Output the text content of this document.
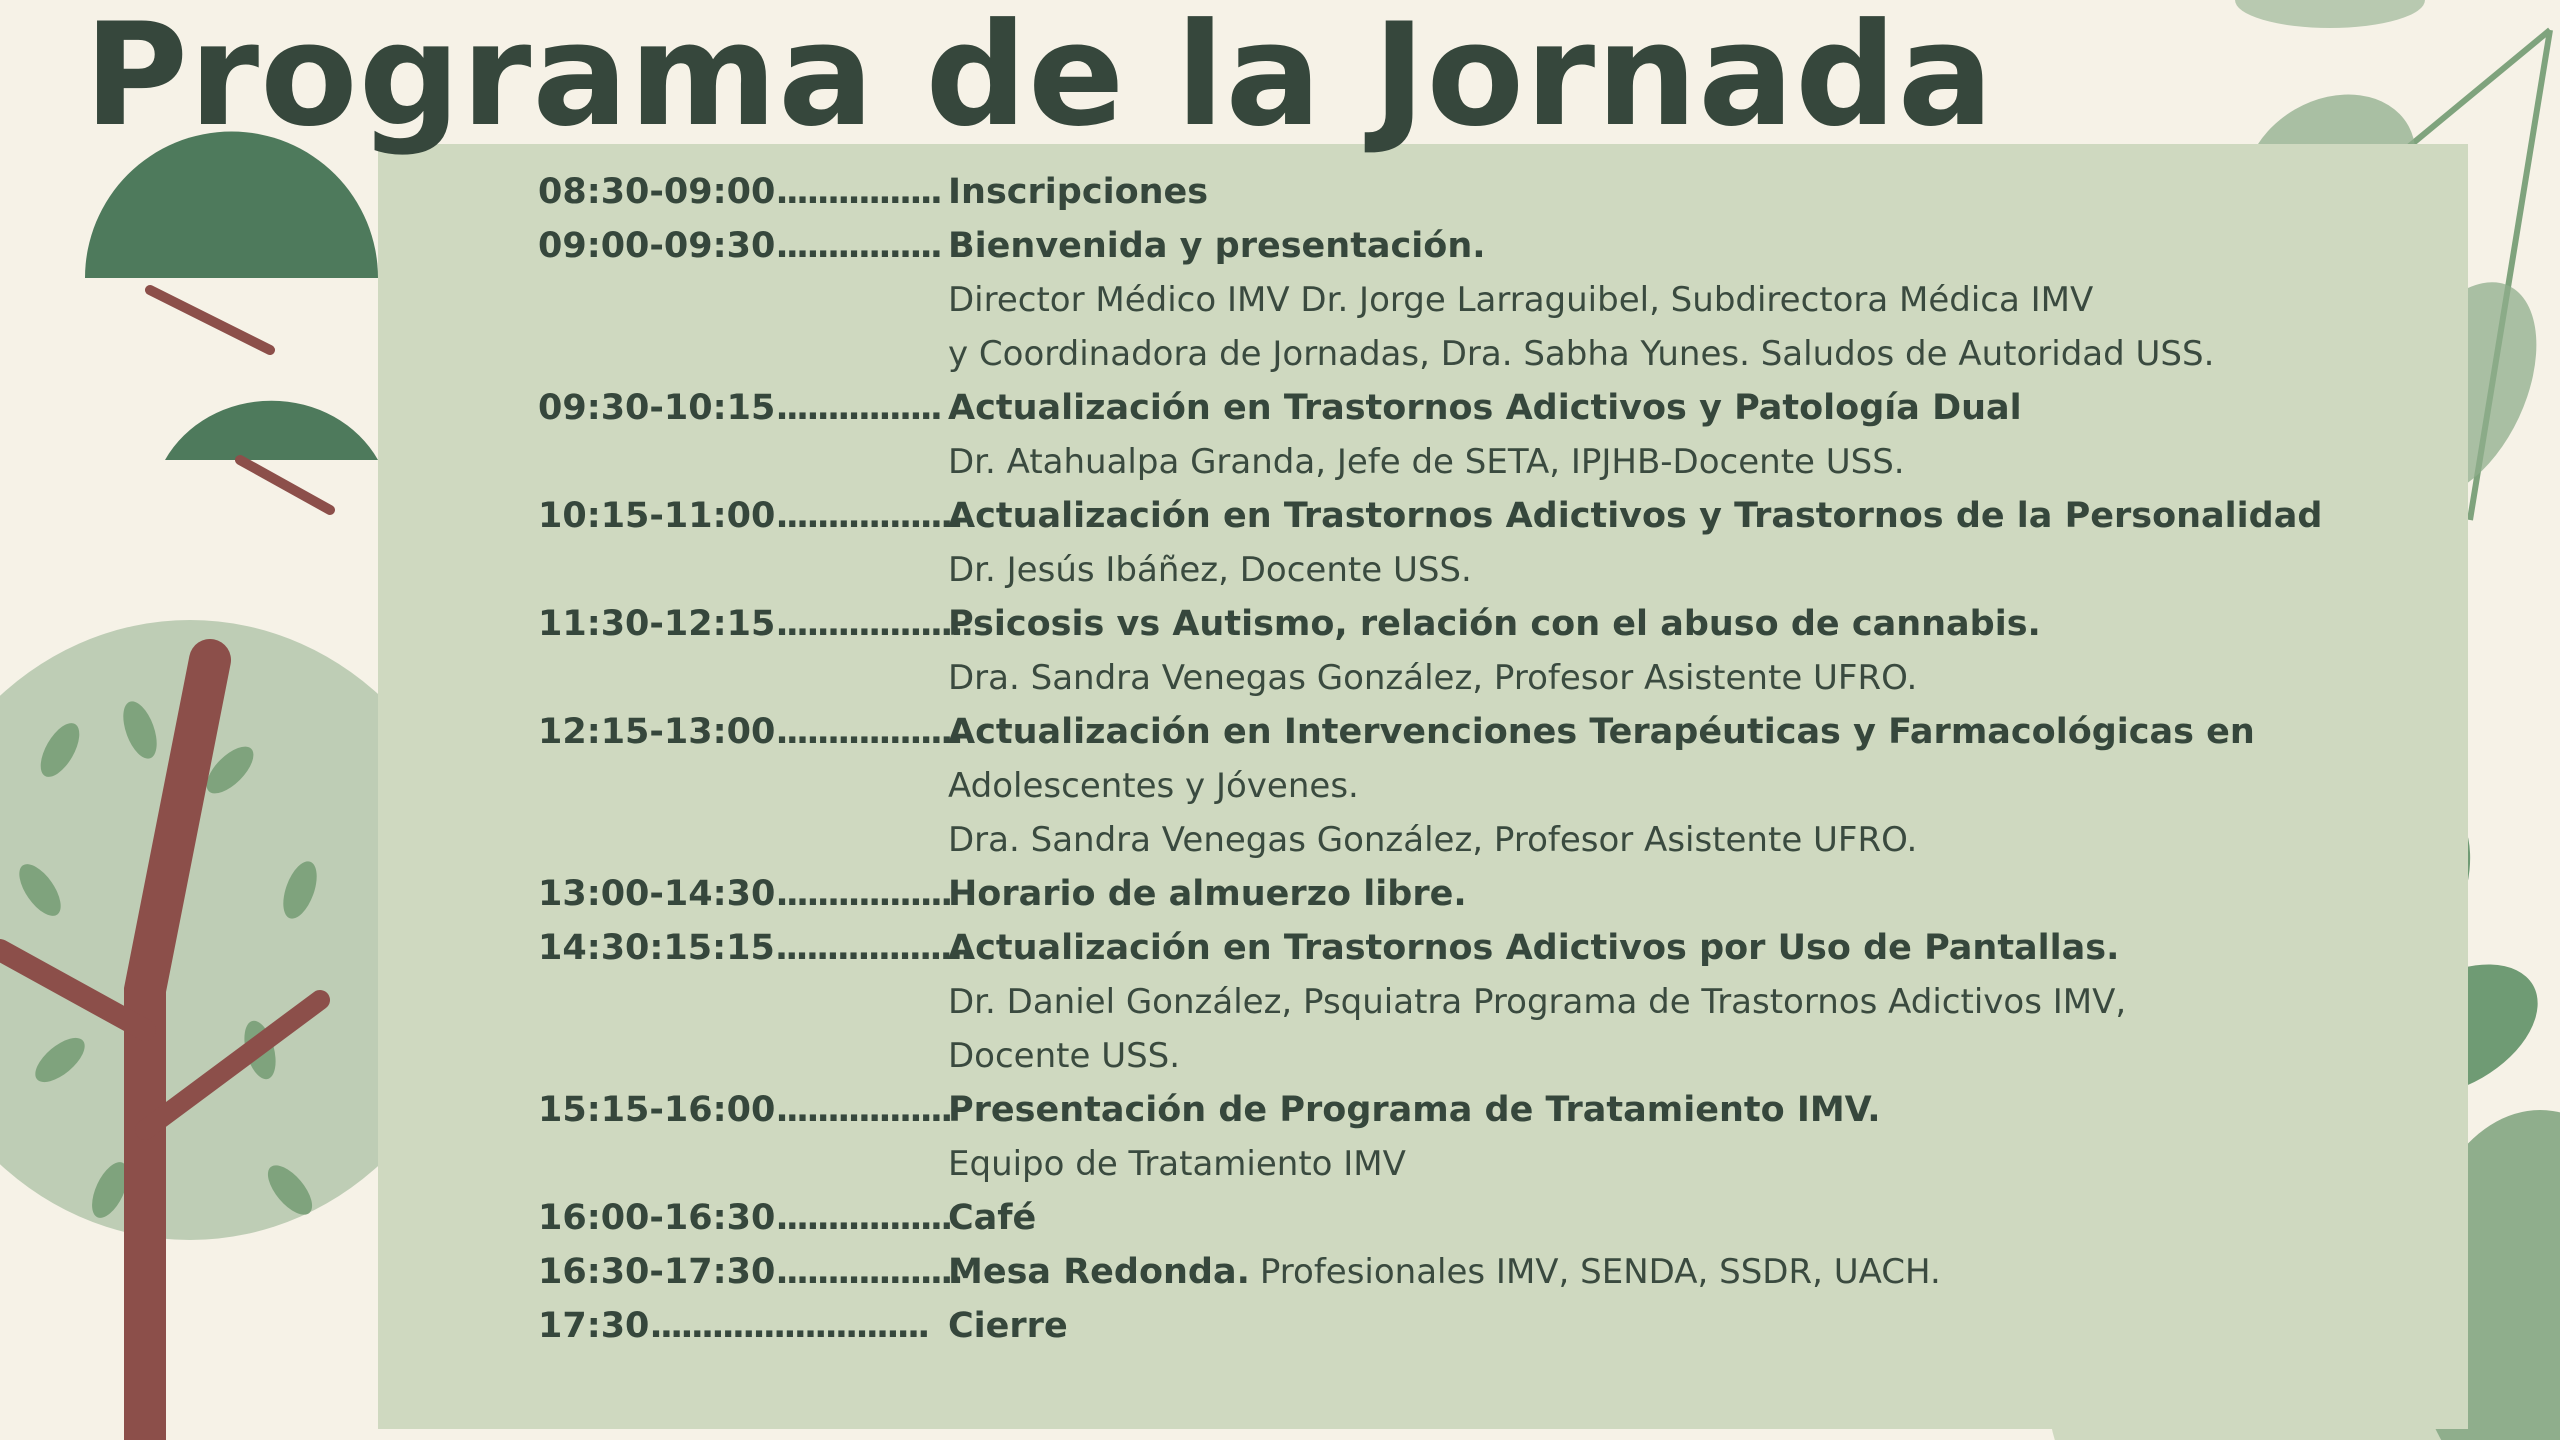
Programa de la Jornada
08:30-09:00................ Inscripciones
09:00-09:30................ Bienvenida y presentación.
Director Médico IMV Dr. Jorge Larraguibel, Subdirectora Médica IMV
y Coordinadora de Jornadas, Dra. Sabha Yunes. Saludos de Autoridad USS.
09:30-10:15................ Actualización en Trastornos Adictivos y Patología Dual
Dr. Atahualpa Granda, Jefe de SETA, IPJHB-Docente USS.
10:15-11:00..................
Actualización en Trastornos Adictivos y Trastornos de la Personalidad
Dr. Jesús Ibáñez, Docente USS.
11:30-12:15...................
Psicosis vs Autismo, relación con el abuso de cannabis.
Dra. Sandra Venegas González, Profesor Asistente UFRO.
12:15-13:00..................
Actualización en Intervenciones Terapéuticas y Farmacológicas en
Adolescentes y Jóvenes.
Dra. Sandra Venegas González, Profesor Asistente UFRO.
13:00-14:30.................
Horario de almuerzo libre.
14:30:15:15...................
Actualización en Trastornos Adictivos por Uso de Pantallas.
Dr. Daniel González, Psquiatra Programa de Trastornos Adictivos IMV,
Docente USS.
15:15-16:00.................
Presentación de Programa de Tratamiento IMV.
Equipo de Tratamiento IMV
16:00-16:30.................
Café
16:30-17:30..................
Mesa Redonda. Profesionales IMV, SENDA, SSDR, UACH.
17:30........................... Cierre
